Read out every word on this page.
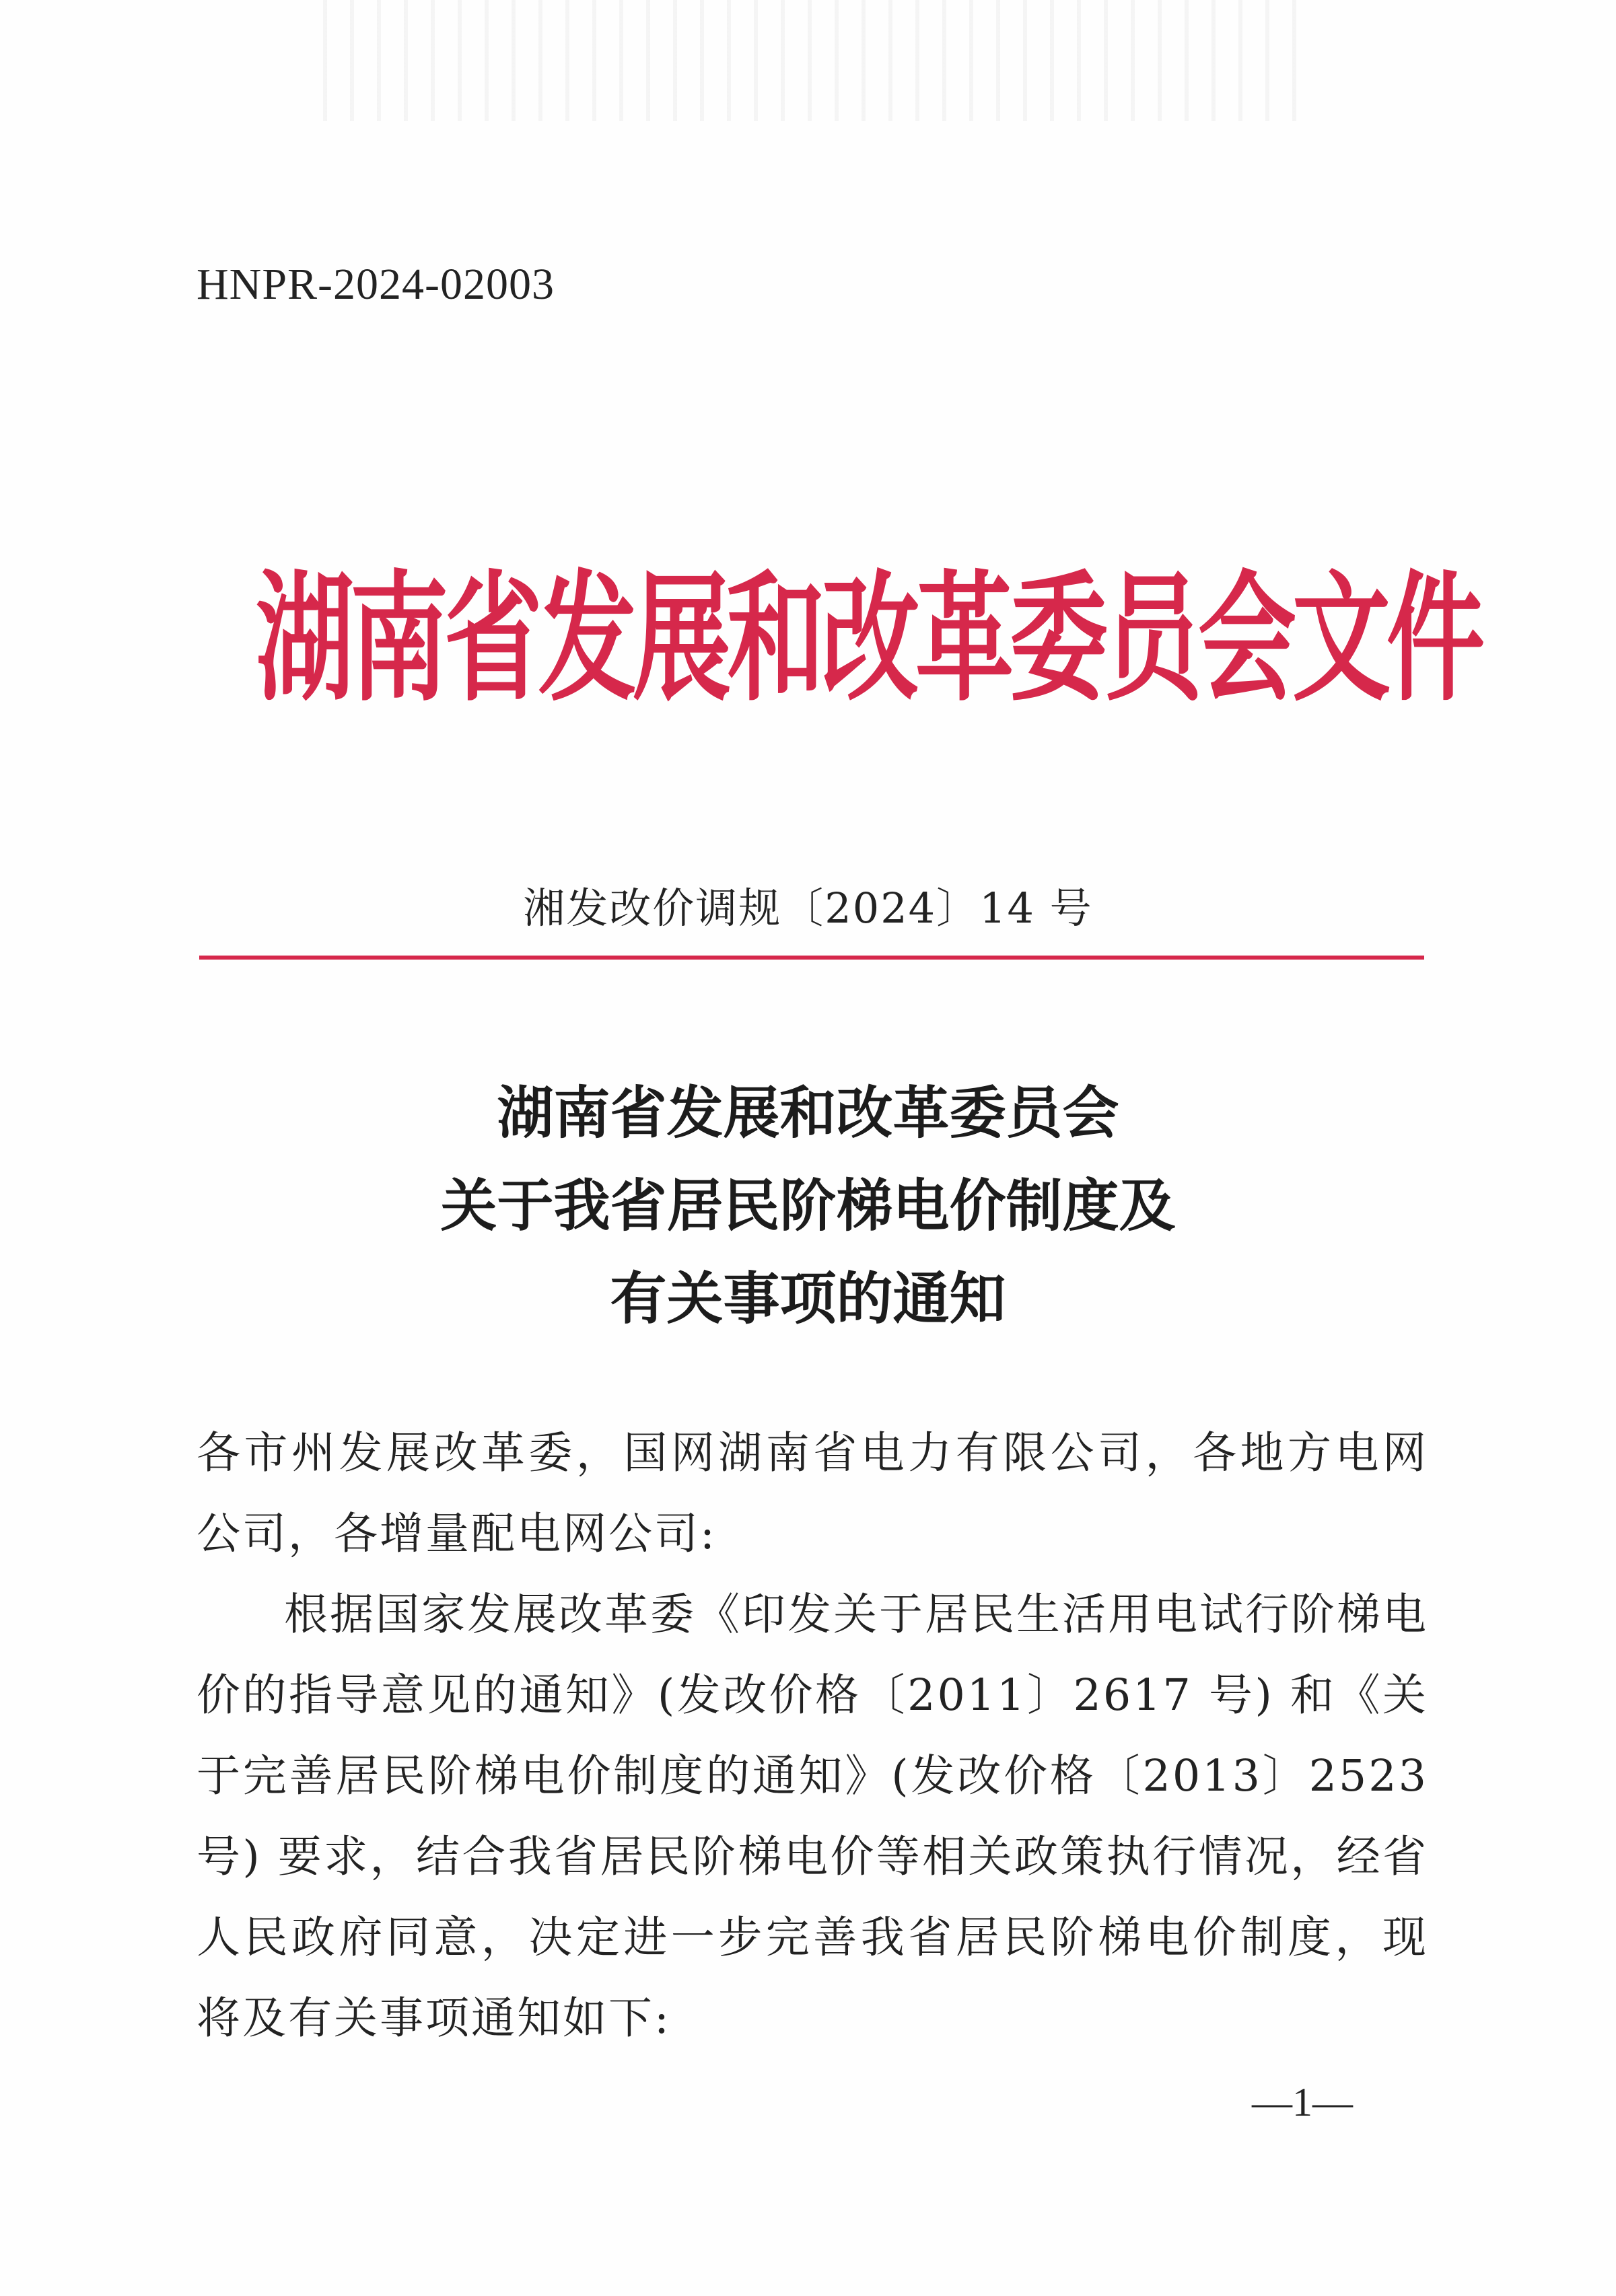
HNPR-2024-02003
湖南省发展和改革委员会文件
湘发改价调规〔2024〕14 号
湖南省发展和改革委员会
关于我省居民阶梯电价制度及
有关事项的通知

各市州发展改革委，国网湖南省电力有限公司，各地方电网公司，各增量配电网公司:

根据国家发展改革委《印发关于居民生活用电试行阶梯电价的指导意见的通知》(发改价格〔2011〕2617 号) 和《关于完善居民阶梯电价制度的通知》(发改价格〔2013〕2523 号) 要求，结合我省居民阶梯电价等相关政策执行情况，经省人民政府同意，决定进一步完善我省居民阶梯电价制度，现将及有关事项通知如下:

—1—
